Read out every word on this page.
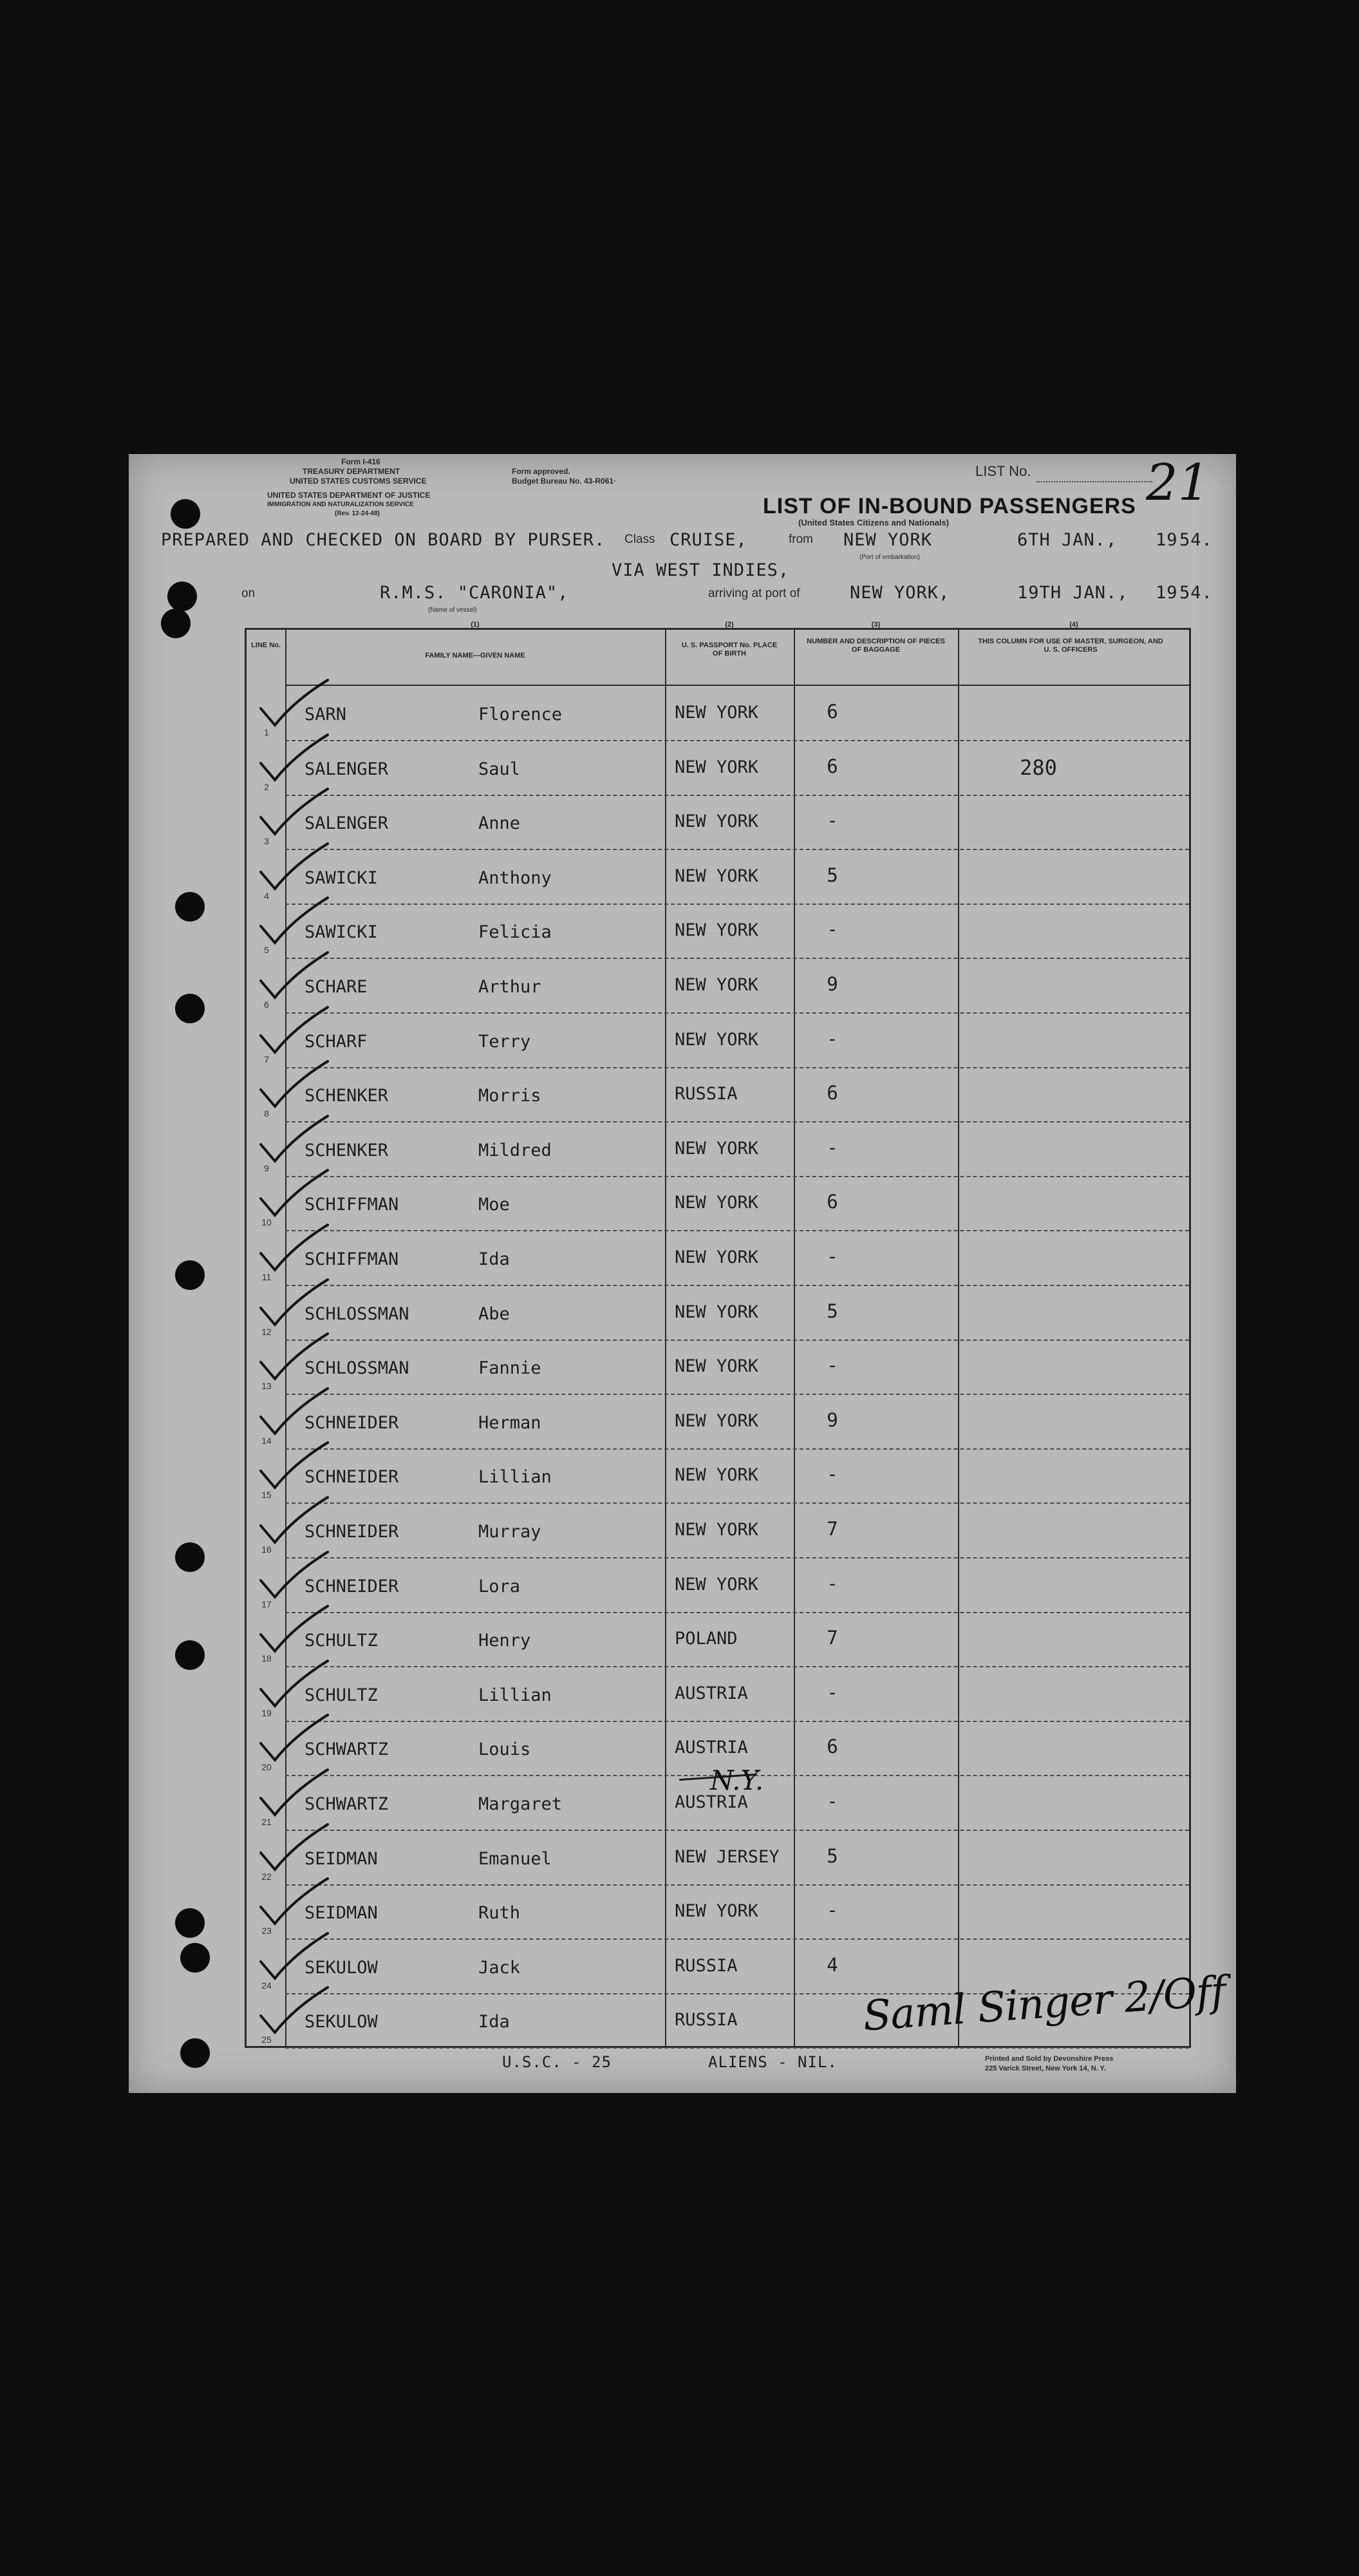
Form I-416
TREASURY DEPARTMENT
UNITED STATES CUSTOMS SERVICE
Form approved.
Budget Bureau No. 43-R061·
UNITED STATES DEPARTMENT OF JUSTICE
IMMIGRATION AND NATURALIZATION SERVICE
(Rev. 12-24-48)
LIST No. 21
LIST OF IN-BOUND PASSENGERS
(United States Citizens and Nationals)
PREPARED AND CHECKED ON BOARD BY PURSER. Class CRUISE,	from NEW YORK	6TH JAN., 19 54.
(Port of embarkation)
VIA WEST INDIES,
on	R.M.S. "CARONIA",
(Name of vessel)
arriving at port of	NEW YORK,	19TH JAN., 19 54.
LINE No.
FAMILY NAME—GIVEN NAME
(1)
U. S. PASSPORT No. PLACE OF BIRTH
(2)
NUMBER AND DESCRIPTION OF PIECES OF BAGGAGE
(3)
THIS COLUMN FOR USE OF MASTER, SURGEON, AND U. S. OFFICERS
(4)
1
SARN	Florence	NEW YORK	6
2
SALENGER	Saul	NEW YORK	6	280
3
SALENGER	Anne	NEW YORK	-
4
SAWICKI	Anthony	NEW YORK	5
5
SAWICKI	Felicia	NEW YORK	-
6
SCHARE	Arthur	NEW YORK	9
7
SCHARF	Terry	NEW YORK	-
8
SCHENKER	Morris	RUSSIA	6
9
SCHENKER	Mildred	NEW YORK	-
10
SCHIFFMAN	Moe	NEW YORK	6
11
SCHIFFMAN	Ida	NEW YORK	-
12
SCHLOSSMAN	Abe	NEW YORK	5
13
SCHLOSSMAN	Fannie	NEW YORK	-
14
SCHNEIDER	Herman	NEW YORK	9
15
SCHNEIDER	Lillian	NEW YORK	-
16
SCHNEIDER	Murray	NEW YORK	7
17
SCHNEIDER	Lora	NEW YORK	-
18
SCHULTZ	Henry	POLAND	7
19
SCHULTZ	Lillian	AUSTRIA	-
20
SCHWARTZ	Louis	AUSTRIA	6
21
SCHWARTZ	Margaret	AUSTRIA	-
22
SEIDMAN	Emanuel	NEW JERSEY	5
23
SEIDMAN	Ruth	NEW YORK	-
24
SEKULOW	Jack	RUSSIA	4
25
SEKULOW	Ida	RUSSIA
N.Y.
U.S.C. - 25	ALIENS - NIL.	Printed and Sold by Devonshire Press
225 Varick Street, New York 14, N. Y.
Saml Singer 2/Off
